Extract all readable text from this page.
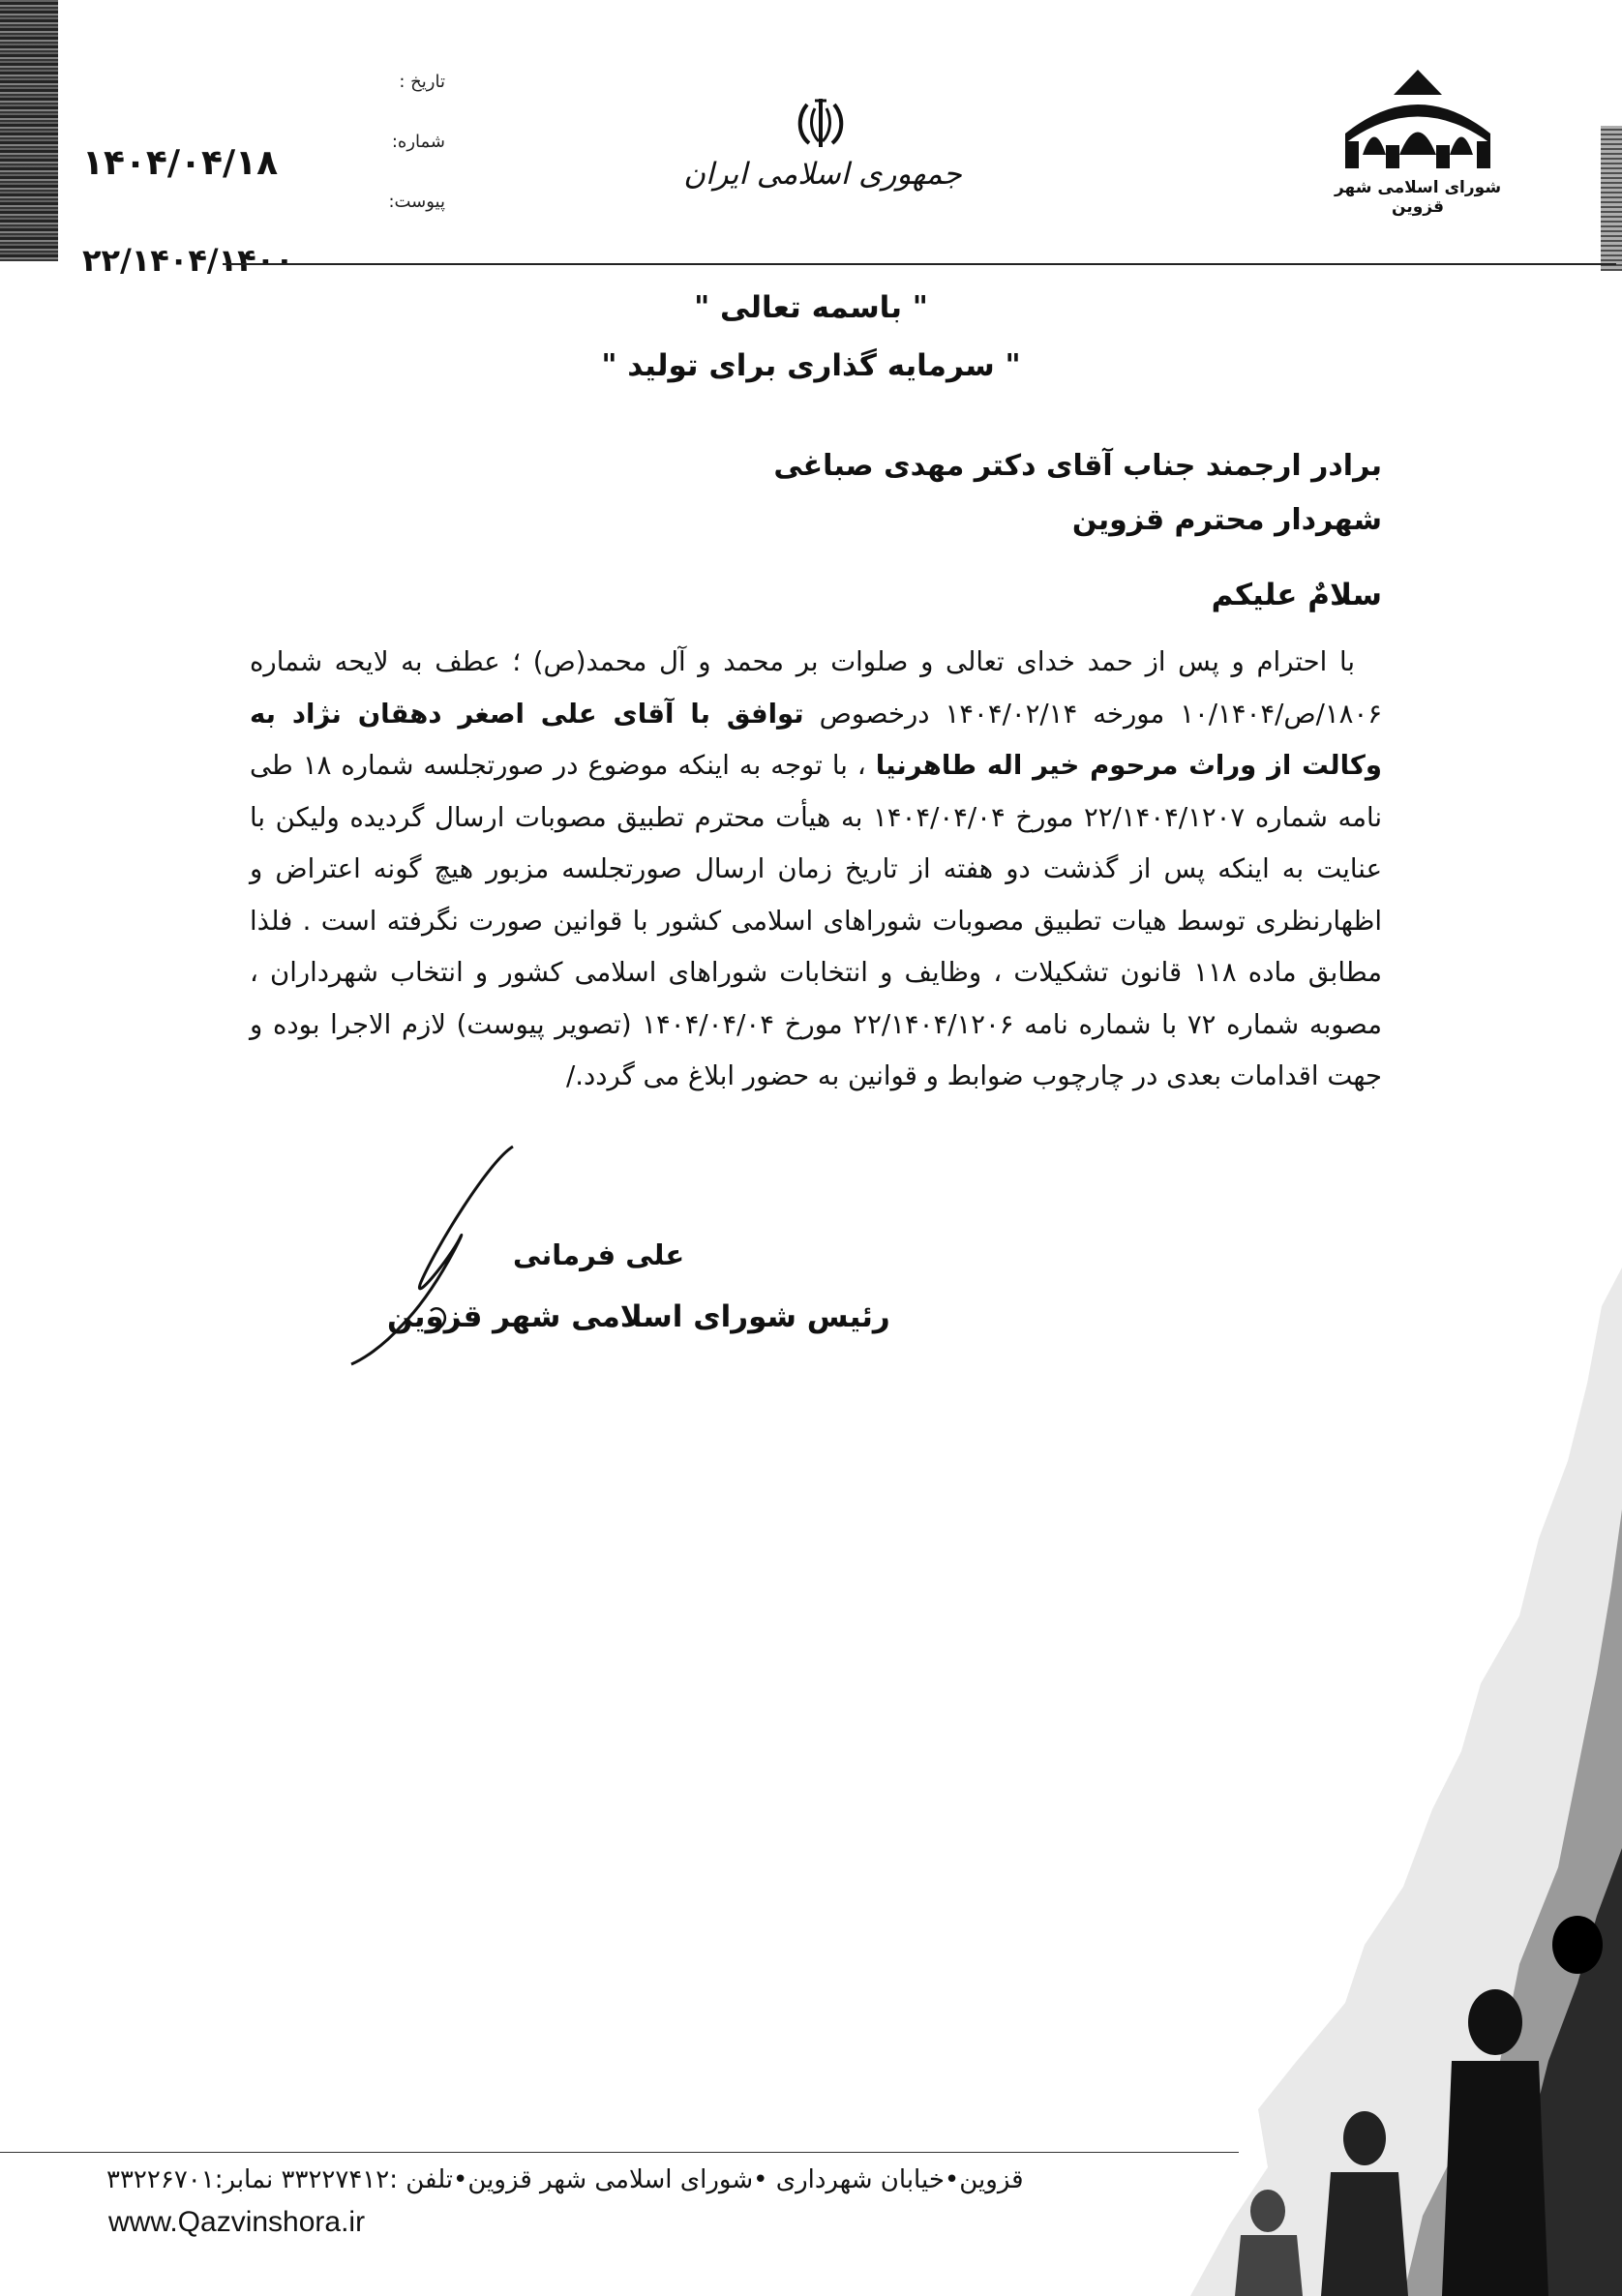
جمهوری اسلامی ایران	شورای اسلامی شهر قزوین
تاریخ :
شماره:
پیوست:
۱۴۰۴/۰۴/۱۸
۲۲/۱۴۰۴/۱۴۰۰
" باسمه تعالی "
" سرمایه گذاری برای تولید "
برادر ارجمند جناب آقای دکتر مهدی صباغی
شهردار محترم قزوین
سلامٌ علیکم
با احترام و پس از حمد خدای تعالی و صلوات بر محمد و آل محمد(ص) ؛ عطف به لایحه شماره ۱۸۰۶/ص/۱۰/۱۴۰۴ مورخه ۱۴۰۴/۰۲/۱۴ درخصوص توافق با آقای علی اصغر دهقان نژاد به وکالت از وراث مرحوم خیر اله طاهرنیا ، با توجه به اینکه موضوع در صورتجلسه شماره ۱۸ طی نامه شماره ۲۲/۱۴۰۴/۱۲۰۷ مورخ ۱۴۰۴/۰۴/۰۴ به هیأت محترم تطبیق مصوبات ارسال گردیده ولیکن با عنایت به اینکه پس از گذشت دو هفته از تاریخ زمان ارسال صورتجلسه مزبور هیچ گونه اعتراض و اظهارنظری توسط هیات تطبیق مصوبات شوراهای اسلامی کشور با قوانین صورت نگرفته است . فلذا مطابق ماده ۱۱۸ قانون تشکیلات ، وظایف و انتخابات شوراهای اسلامی کشور و انتخاب شهرداران ، مصوبه شماره ۷۲ با شماره نامه ۲۲/۱۴۰۴/۱۲۰۶ مورخ ۱۴۰۴/۰۴/۰۴ (تصویر پیوست) لازم الاجرا بوده و جهت اقدامات بعدی در چارچوب ضوابط و قوانین به حضور ابلاغ می گردد./
علی فرمانی
رئیس شورای اسلامی شهر قزوین
قزوین•خیابان شهرداری •شورای اسلامی شهر قزوین•تلفن :۳۳۲۲۷۴۱۲ نمابر:۳۳۲۲۶۷۰۱
www.Qazvinshora.ir
